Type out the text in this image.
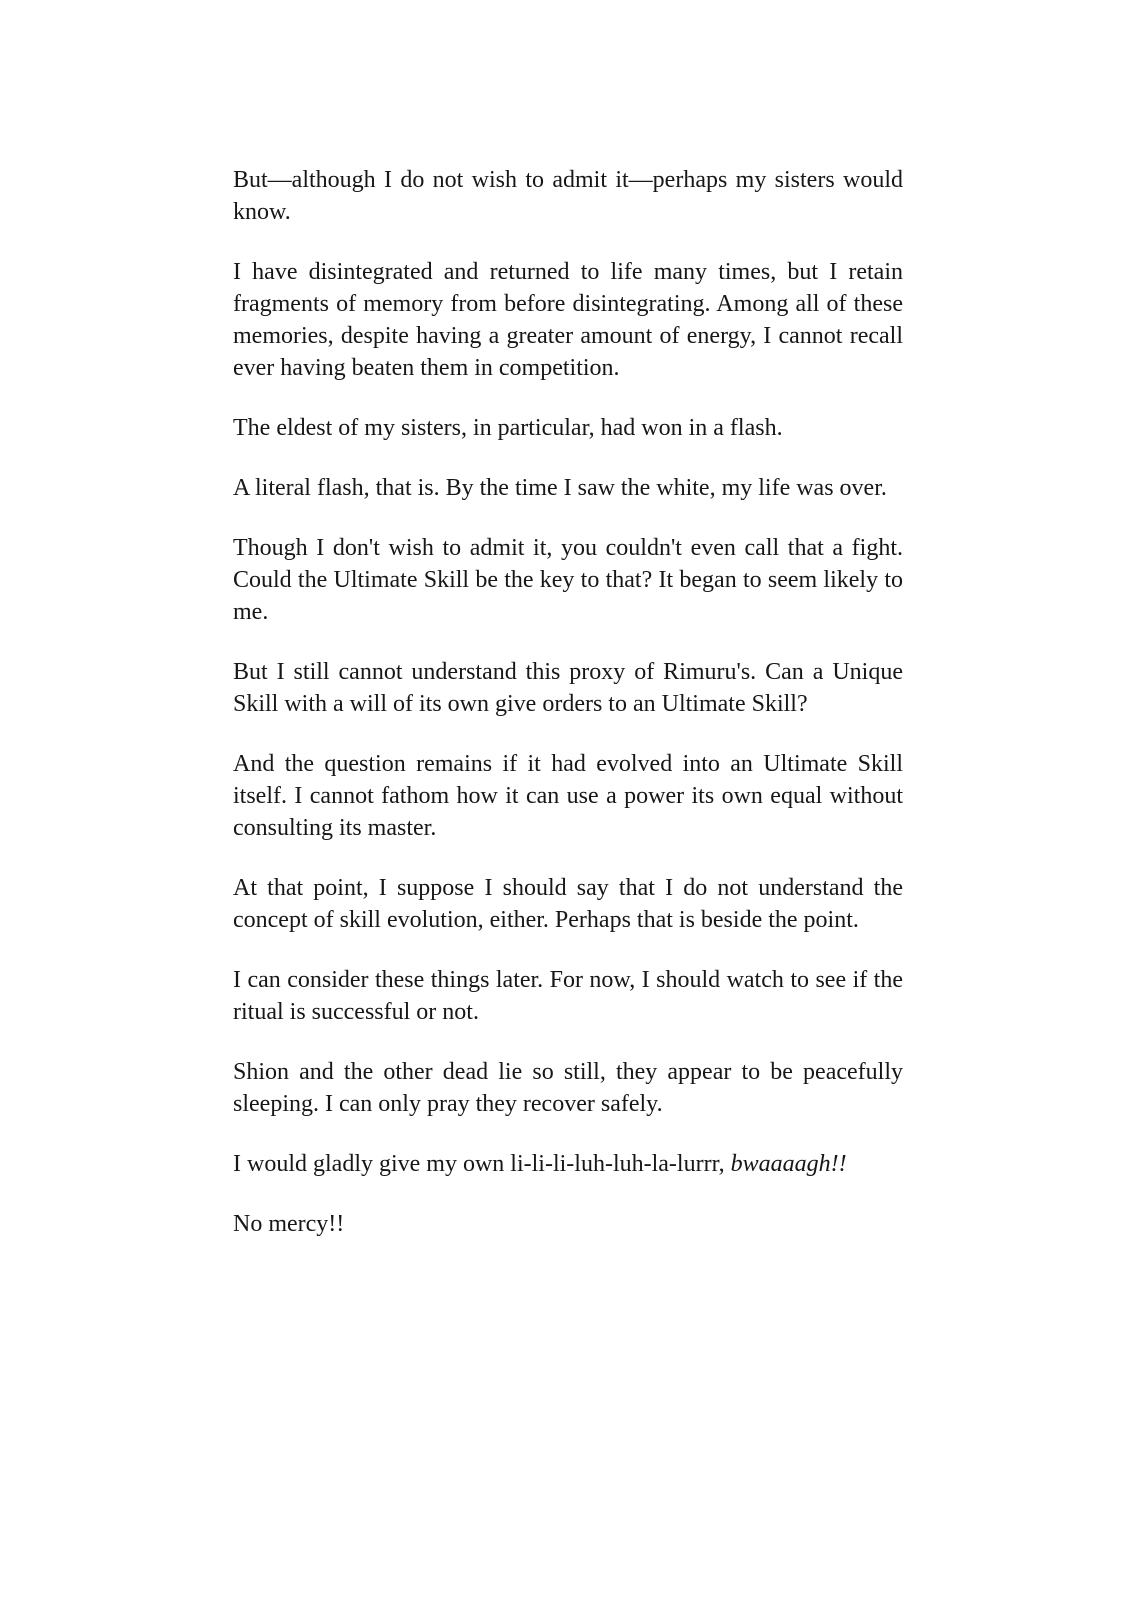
But—although I do not wish to admit it—perhaps my sisters would know.

I have disintegrated and returned to life many times, but I retain fragments of memory from before disintegrating. Among all of these memories, despite having a greater amount of energy, I cannot recall ever having beaten them in competition.

The eldest of my sisters, in particular, had won in a flash.

A literal flash, that is. By the time I saw the white, my life was over.

Though I don't wish to admit it, you couldn't even call that a fight. Could the Ultimate Skill be the key to that? It began to seem likely to me.

But I still cannot understand this proxy of Rimuru's. Can a Unique Skill with a will of its own give orders to an Ultimate Skill?

And the question remains if it had evolved into an Ultimate Skill itself. I cannot fathom how it can use a power its own equal without consulting its master.

At that point, I suppose I should say that I do not understand the concept of skill evolution, either. Perhaps that is beside the point.

I can consider these things later. For now, I should watch to see if the ritual is successful or not.

Shion and the other dead lie so still, they appear to be peacefully sleeping. I can only pray they recover safely.

I would gladly give my own li-li-li-luh-luh-la-lurrr, bwaaaagh!!

No mercy!!
